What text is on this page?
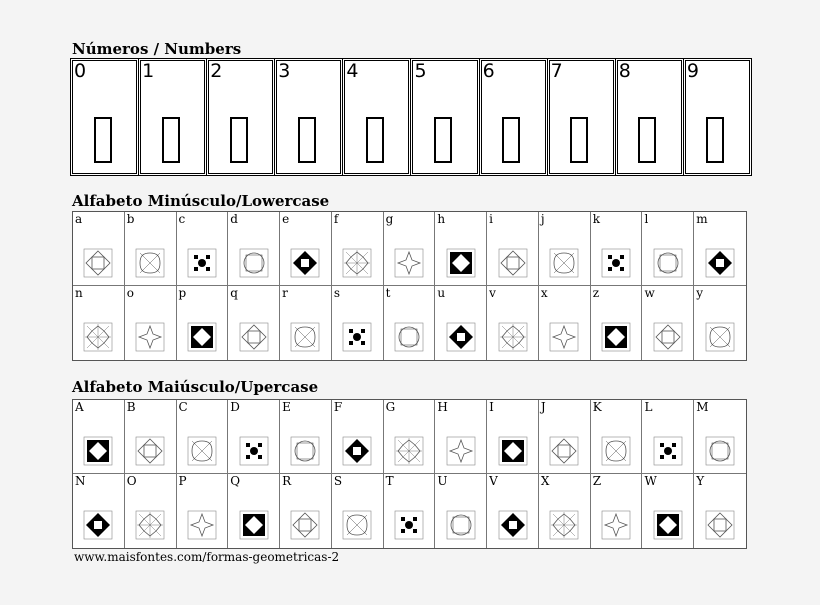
Números / Numbers
0	1	2	3	4	5	6	7	8	9
Alfabeto Minúsculo/Lowercase
a	b	c	d	e	f	g	h	i	j	k	l	m
n	o	p	q	r	s	t	u	v	x	z	w	y
Alfabeto Maiúsculo/Upercase
A	B	C	D	E	F	G	H	I	J	K	L	M
N	O	P	Q	R	S	T	U	V	X	Z	W	Y

www.maisfontes.com/formas-geometricas-2
